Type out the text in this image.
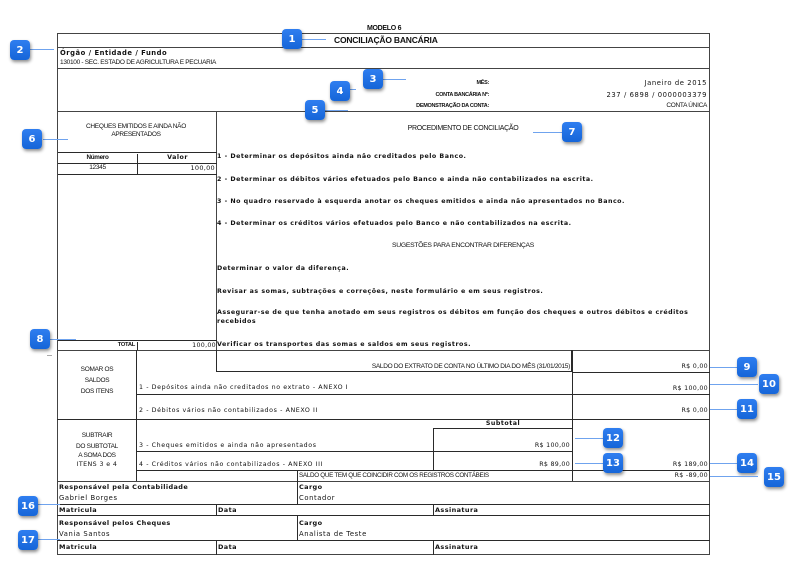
MODELO 6
CONCILIAÇÃO BANCÁRIA
Órgão / Entidade / Fundo
130100 - SEC. ESTADO DE AGRICULTURA E PECUARIA
MÊS:	Janeiro de 2015
CONTA BANCÁRIA Nº:	237 / 6898 / 0000003379
DEMONSTRAÇÃO DA CONTA:	CONTA ÚNICA
CHEQUES EMITIDOS E AINDA NÃO APRESENTADOS
Número	Valor
12345	100,00
TOTAL	100,00
PROCEDIMENTO DE CONCILIAÇÃO
1 - Determinar os depósitos ainda não creditados pelo Banco.
2 - Determinar os débitos vários efetuados pelo Banco e ainda não contabilizados na escrita.
3 - No quadro reservado à esquerda anotar os cheques emitidos e ainda não apresentados no Banco.
4 - Determinar os créditos vários efetuados pelo Banco e não contabilizados na escrita.
SUGESTÕES PARA ENCONTRAR DIFERENÇAS
Determinar o valor da diferença.
Revisar as somas, subtrações e correções, neste formulário e em seus registros.
Assegurar-se de que tenha anotado em seus registros os débitos em função dos cheques e outros débitos e créditos recebidos
Verificar os transportes das somas e saldos em seus registros.
SOMAR OS
SALDOS
DOS ITENS
SUBTRAIR
DO SUBTOTAL
A SOMA DOS
ITENS 3 e 4
SALDO DO EXTRATO DE CONTA NO ÚLTIMO DIA DO MÊS (31/01/2015)	R$ 0,00
1 - Depósitos ainda não creditados no extrato - ANEXO I	R$ 100,00
2 - Débitos vários não contabilizados - ANEXO II	R$ 0,00
Subtotal
3 - Cheques emitidos e ainda não apresentados	R$ 100,00
4 - Créditos vários não contabilizados - ANEXO III	R$ 89,00	R$ 189,00
SALDO QUE TEM QUE COINCIDIR COM OS REGISTROS CONTÁBEIS	R$ -89,00
Responsável pela Contabilidade
Gabriel Borges
Cargo
Contador
Matricula	Data	Assinatura
Responsável pelos Cheques
Vania Santos
Cargo
Analista de Teste
Matricula	Data	Assinatura
1
2
3
4
5
6
7
8
9
10
11
12
13	14
15
16
17
